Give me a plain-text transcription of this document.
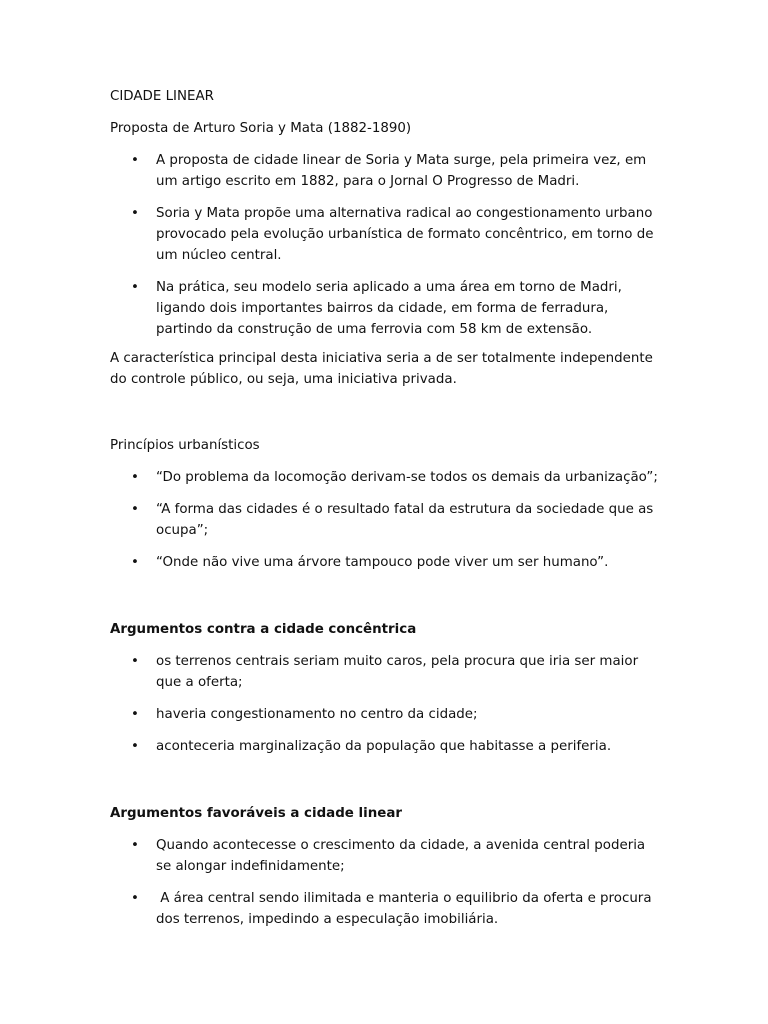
CIDADE LINEAR

Proposta de Arturo Soria y Mata (1882-1890)

• A proposta de cidade linear de Soria y Mata surge, pela primeira vez, em um artigo escrito em 1882, para o Jornal O Progresso de Madri.
• Soria y Mata propõe uma alternativa radical ao congestionamento urbano provocado pela evolução urbanística de formato concêntrico, em torno de um núcleo central.
• Na prática, seu modelo seria aplicado a uma área em torno de Madri, ligando dois importantes bairros da cidade, em forma de ferradura, partindo da construção de uma ferrovia com 58 km de extensão.

A característica principal desta iniciativa seria a de ser totalmente independente do controle público, ou seja, uma iniciativa privada.

Princípios urbanísticos

• “Do problema da locomoção derivam-se todos os demais da urbanização”;
• “A forma das cidades é o resultado fatal da estrutura da sociedade que as ocupa”;
• “Onde não vive uma árvore tampouco pode viver um ser humano”.

Argumentos contra a cidade concêntrica

• os terrenos centrais seriam muito caros, pela procura que iria ser maior que a oferta;
• haveria congestionamento no centro da cidade;
• aconteceria marginalização da população que habitasse a periferia.

Argumentos favoráveis a cidade linear

• Quando acontecesse o crescimento da cidade, a avenida central poderia se alongar indefinidamente;
• A área central sendo ilimitada e manteria o equilibrio da oferta e procura dos terrenos, impedindo a especulação imobiliária.
